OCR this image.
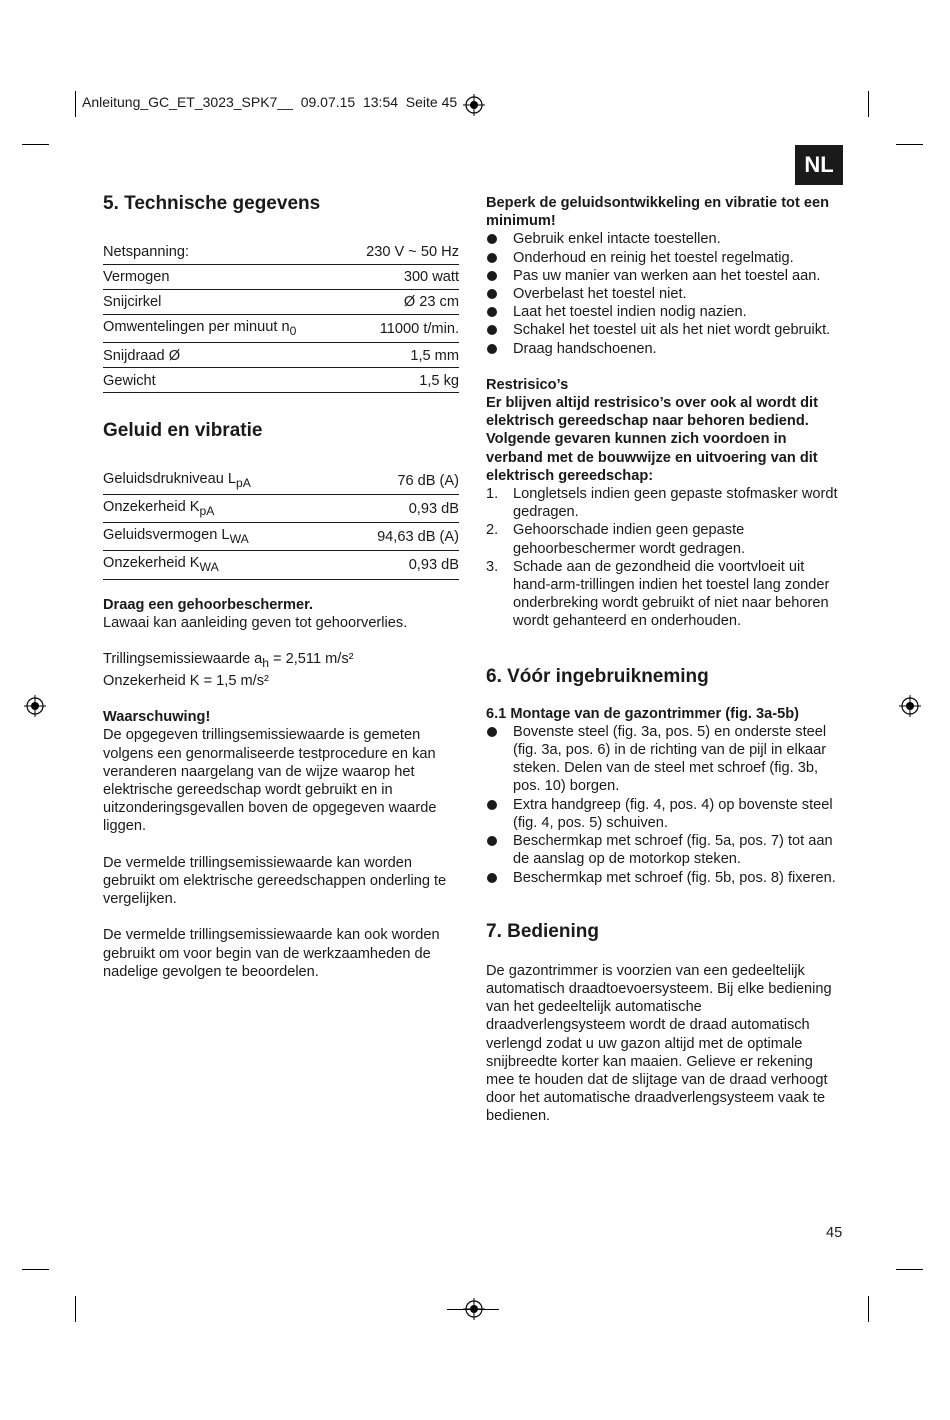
Anleitung_GC_ET_3023_SPK7__  09.07.15  13:54  Seite 45
NL
5. Technische gegevens
Netspanning:	230 V ~ 50 Hz
Vermogen	300 watt
Snijcirkel	Ø 23 cm
Omwentelingen per minuut $n_0$	11000 t/min.
Snijdraad Ø	1,5 mm
Gewicht	1,5 kg
Geluid en vibratie
Geluidsdrukniveau $L_{pA}$	76 dB (A)
Onzekerheid $K_{pA}$	0,93 dB
Geluidsvermogen $L_{WA}$	94,63 dB (A)
Onzekerheid $K_{WA}$	0,93 dB

Draag een gehoorbeschermer.

Lawaai kan aanleiding geven tot gehoorverlies.

Trillingsemissiewaarde $a_h = 2,511$ m/s²

Onzekerheid K = 1,5 m/s²

Waarschuwing!

De opgegeven trillingsemissiewaarde is gemeten volgens een genormaliseerde testprocedure en kan veranderen naargelang van de wijze waarop het elektrische gereedschap wordt gebruikt en in uitzonderingsgevallen boven de opgegeven waarde liggen.

De vermelde trillingsemissiewaarde kan worden gebruikt om elektrische gereedschappen onderling te vergelijken.

De vermelde trillingsemissiewaarde kan ook worden gebruikt om voor begin van de werkzaamheden de nadelige gevolgen te beoordelen.

Beperk de geluidsontwikkeling en vibratie tot een minimum!

Gebruik enkel intacte toestellen.
Onderhoud en reinig het toestel regelmatig.
Pas uw manier van werken aan het toestel aan.
Overbelast het toestel niet.
Laat het toestel indien nodig nazien.
Schakel het toestel uit als het niet wordt gebruikt.
Draag handschoenen.

Restrisico’s

Er blijven altijd restrisico’s over ook al wordt dit elektrisch gereedschap naar behoren bediend. Volgende gevaren kunnen zich voordoen in verband met de bouwwijze en uitvoering van dit elektrisch gereedschap:

1. Longletsels indien geen gepaste stofmasker wordt gedragen.
2. Gehoorschade indien geen gepaste gehoorbeschermer wordt gedragen.
3. Schade aan de gezondheid die voortvloeit uit hand-arm-trillingen indien het toestel lang zonder onderbreking wordt gebruikt of niet naar behoren wordt gehanteerd en onderhouden.
6. Vóór ingebruikneming

6.1 Montage van de gazontrimmer (fig. 3a-5b)

Bovenste steel (fig. 3a, pos. 5) en onderste steel (fig. 3a, pos. 6) in de richting van de pijl in elkaar steken. Delen van de steel met schroef (fig. 3b, pos. 10) borgen.
Extra handgreep (fig. 4, pos. 4) op bovenste steel (fig. 4, pos. 5) schuiven.
Beschermkap met schroef (fig. 5a, pos. 7) tot aan de aanslag op de motorkop steken.
Beschermkap met schroef (fig. 5b, pos. 8) fixeren.
7. Bediening

De gazontrimmer is voorzien van een gedeeltelijk automatisch draadtoevoersysteem. Bij elke bediening van het gedeeltelijk automatische draadverlengsysteem wordt de draad automatisch verlengd zodat u uw gazon altijd met de optimale snijbreedte korter kan maaien. Gelieve er rekening mee te houden dat de slijtage van de draad verhoogt door het automatische draadverlengsysteem vaak te bedienen.

45
